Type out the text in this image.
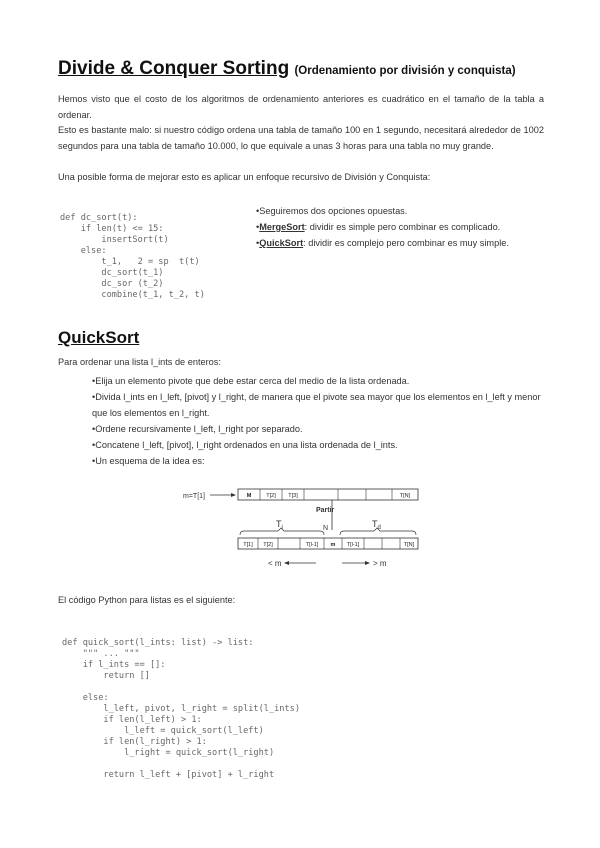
Divide & Conquer Sorting (Ordenamiento por división y conquista)
Hemos visto que el costo de los algoritmos de ordenamiento anteriores es cuadrático en el tamaño de la tabla a ordenar.
Esto es bastante malo: si nuestro código ordena una tabla de tamaño 100 en 1 segundo, necesitará alrededor de 1002 segundos para una tabla de tamaño 10.000, lo que equivale a unas 3 horas para una tabla no muy grande.
Una posible forma de mejorar esto es aplicar un enfoque recursivo de División y Conquista:

def dc_sort(t):
if len(t) <= 15:
insertSort(t)
else:
t_1,   2 = sp  t(t)
dc_sort(t_1)
dc_sor (t_2)
combine(t_1, t_2, t)

• Seguiremos dos opciones opuestas.
• MergeSort: dividir es simple pero combinar es complicado.
• QuickSort: dividir es complejo pero combinar es muy simple.
QuickSort
Para ordenar una lista l_ints de enteros:
• Elija un elemento pivote que debe estar cerca del medio de la lista ordenada.
• Divida l_ints en l_left, [pivot] y l_right, de manera que el pivote sea mayor que los elementos en l_left y menor que los elementos en l_right.
• Ordene recursivamente l_left, l_right por separado.
• Concatene l_left, [pivot], l_right ordenados en una lista ordenada de l_ints.
• Un esquema de la idea es:
m=T[1]	M	T[2] T[3]	T[N]
Partir
N
$T_i$	$T_d$
T[1] T[2]	T[l-1] m T[l-1]	T[N]
< m	> m
El código Python para listas es el siguiente:

def quick_sort(l_ints: list) -> list:
""" ... """
if l_ints == []:
return []
else:
l_left, pivot, l_right = split(l_ints)
if len(l_left) > 1:
l_left = quick_sort(l_left)
if len(l_right) > 1:
l_right = quick_sort(l_right)
return l_left + [pivot] + l_right
